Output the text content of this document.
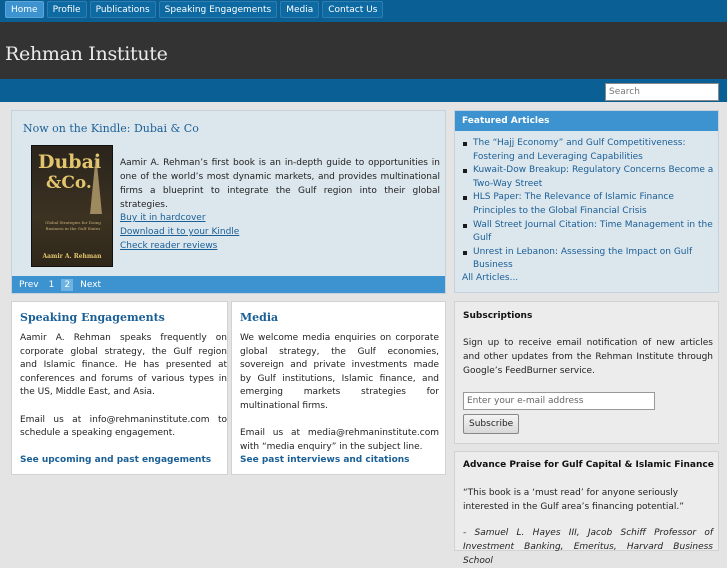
Home	Profile	Publications	Speaking Engagements	Media	Contact Us
Rehman Institute
Search
Now on the Kindle: Dubai & Co
Dubai
&Co.
Global Strategies for Doing Business in the Gulf States
Aamir A. Rehman
Aamir A. Rehman’s first book is an in-depth guide to opportunities in one of the world’s most dynamic markets, and provides multinational firms a blueprint to integrate the Gulf region into their global strategies.
Buy it in hardcover
Download it to your Kindle
Check reader reviews
Prev	1	2	Next
Speaking Engagements

Aamir A. Rehman speaks frequently on corporate global strategy, the Gulf region and Islamic finance. He has presented at conferences and forums of various types in the US, Middle East, and Asia.

Email us at info@rehmaninstitute.com to schedule a speaking engagement.

See upcoming and past engagements
Media

We welcome media enquiries on corporate global strategy, the Gulf economies, sovereign and private investments made by Gulf institutions, Islamic finance, and emerging markets strategies for multinational firms.

Email us at media@rehmaninstitute.com with “media enquiry” in the subject line.

See past interviews and citations
Featured Articles
The “Hajj Economy” and Gulf Competitiveness: Fostering and Leveraging Capabilities
Kuwait-Dow Breakup: Regulatory Concerns Become a Two-Way Street
HLS Paper: The Relevance of Islamic Finance Principles to the Global Financial Crisis
Wall Street Journal Citation: Time Management in the Gulf
Unrest in Lebanon: Assessing the Impact on Gulf Business
All Articles...
Subscriptions
Sign up to receive email notification of new articles and other updates from the Rehman Institute through Google’s FeedBurner service.
Enter your e-mail address
Subscribe
Advance Praise for Gulf Capital & Islamic Finance
“This book is a ‘must read’ for anyone seriously interested in the Gulf area’s financing potential.”
- Samuel L. Hayes III, Jacob Schiff Professor of Investment Banking, Emeritus, Harvard Business School
